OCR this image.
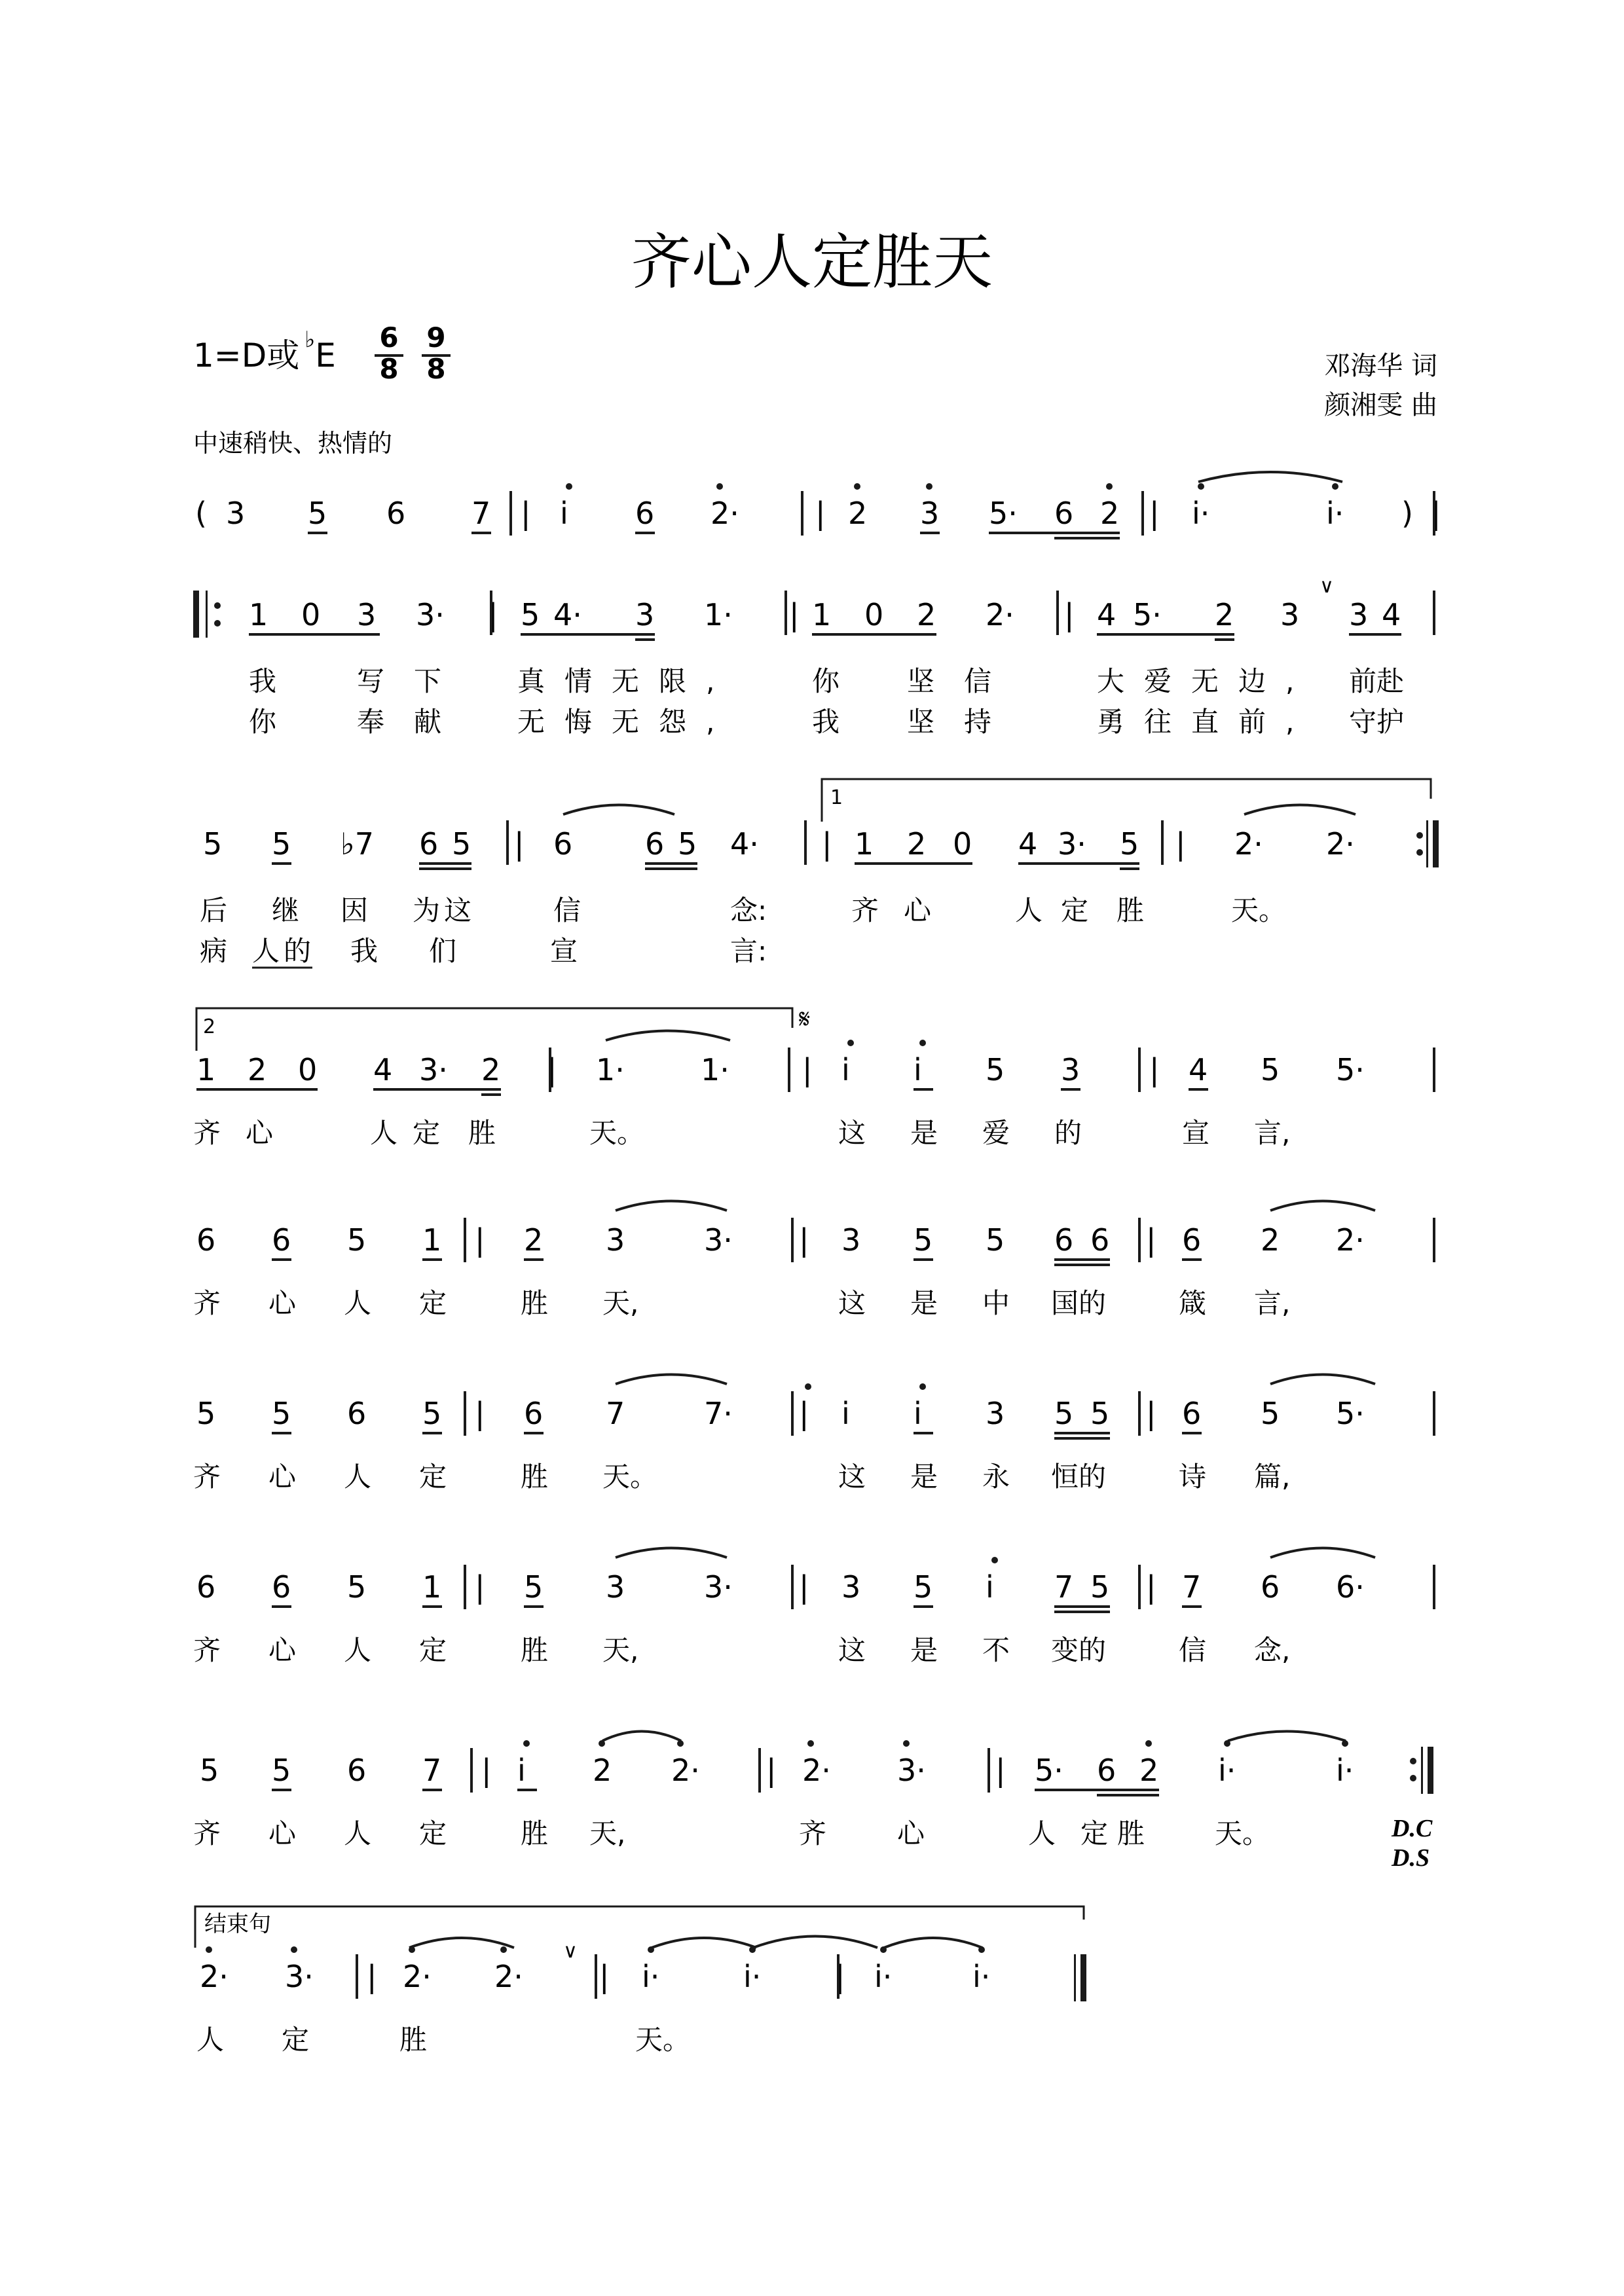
齐心人定胜天
1=D或 ♭E 6
8
9
8	邓海华 词
颜湘雯 曲
中速稍快、热情的
( 3 5 6 7 | i 6 2·	| 2 3 5· 6 2 | i·	i· ) |
1 0 3 3· | 5 4· 3 1· | 1 0 2 2· | 4 5· 2 3
∨
3 4
我	写下 真情无限,	你 坚信	大爱无边, 前赴
你	奉献 无悔无怨,	我 坚持	勇往直前, 守护
1
5 5 ♭7 6 5 | 6 6 5 4· | 1 2 0 4 3· 5 | 2· 2·
后 继 因 为这	信	念:	齐 心	人 定 胜	天。
病 人的 我 们	宣	言:
2	𝄋
1 2 0 4 3· 2 | 1·	1· | i i 5 3 | 4 5 5·
齐 心	人 定 胜	天。	这 是 爱 的	宣 言,
6 6 5 1 | 2 3	3· | 3 5 5 6 6 | 6 2 2·
齐 心 人 定	胜 天,	这 是 中 国的	箴 言,
5 5 6 5 | 6 7	7· | i i 3 5 5 | 6 5 5·
齐 心 人 定	胜 天。	这 是 永 恒的	诗 篇,
6 6 5 1 | 5 3	3· | 3 5 i 7 5 | 7 6 6·
齐 心 人 定	胜 天,	这 是 不 变的	信 念,
5 5 6 7 | i 2 2· | 2· 3· | 5· 6 2 i·	i·
齐 心 人 定	胜 天,	齐	心	人 定胜 天。	D.C
D.S
结束句
2· 3· | 2· 2·
∨
| i·	i· | i·	i·
人 定	胜	天。
